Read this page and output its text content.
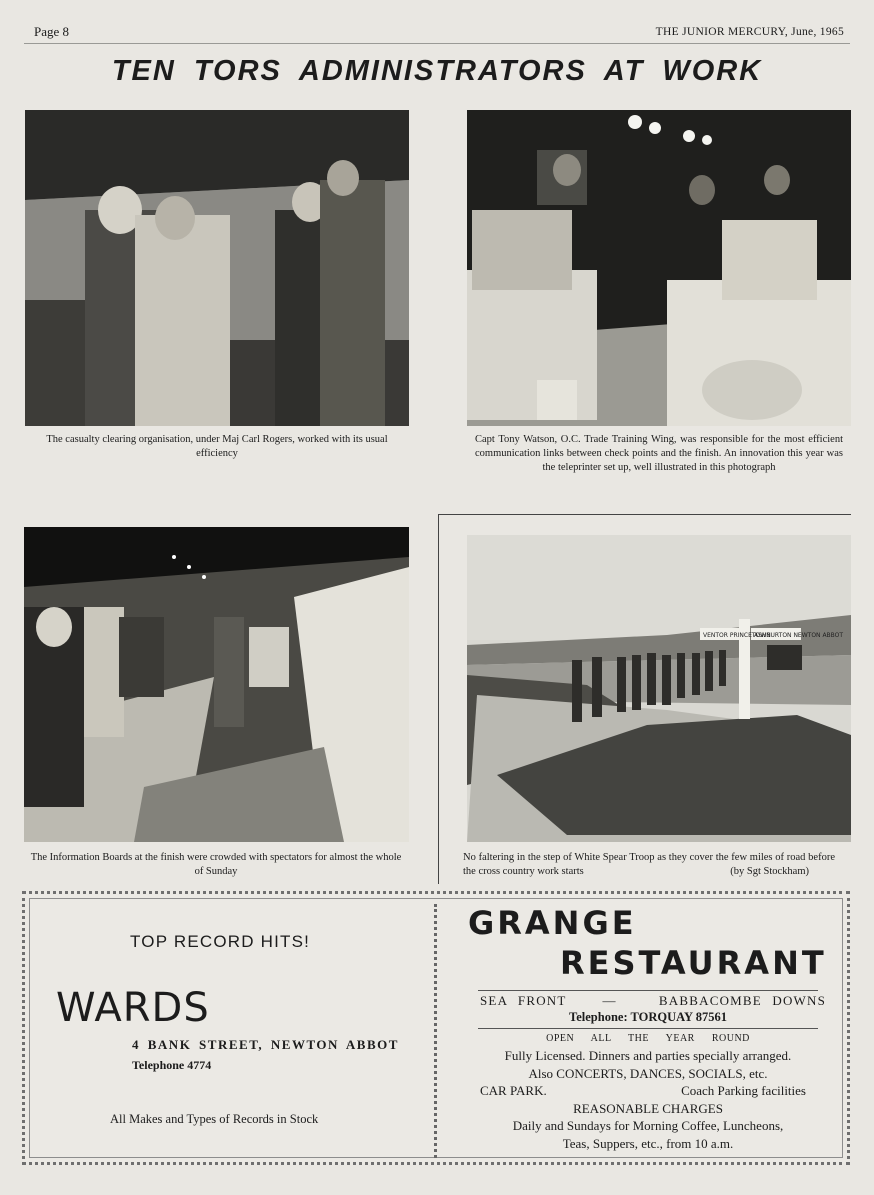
Page 8	THE JUNIOR MERCURY, June, 1965
TEN TORS ADMINISTRATORS AT WORK
The casualty clearing organisation, under Maj Carl Rogers, worked with its usual efficiency
Capt Tony Watson, O.C. Trade Training Wing, was responsible for the most efficient communication links between check points and the finish. An innovation this year was the teleprinter set up, well illustrated in this photograph
The Information Boards at the finish were crowded with spectators for almost the whole of Sunday
VENTOR PRINCETOWN
ASHBURTON NEWTON ABBOT
No faltering in the step of White Spear Troop as they cover the few miles of road before the cross country work starts	(by Sgt Stockham)
TOP RECORD HITS!
WARDS
4 BANK STREET, NEWTON ABBOT
Telephone 4774
All Makes and Types of Records in Stock
GRANGE
RESTAURANT
SEA FRONT	—	BABBACOMBE DOWNS
Telephone: TORQUAY 87561
OPEN ALL THE YEAR ROUND
Fully Licensed. Dinners and parties specially arranged.
Also CONCERTS, DANCES, SOCIALS, etc.
CAR PARK.	Coach Parking facilities
REASONABLE CHARGES
Daily and Sundays for Morning Coffee, Luncheons,
Teas, Suppers, etc., from 10 a.m.
